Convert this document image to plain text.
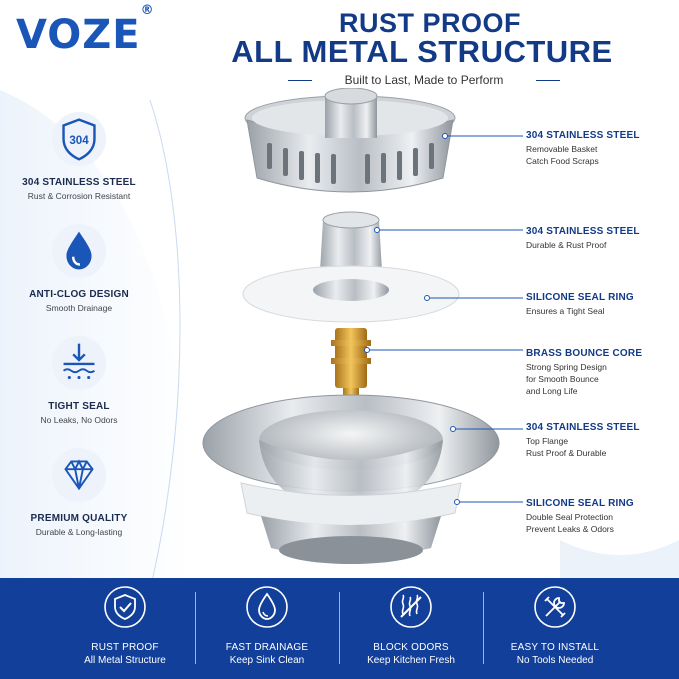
VOZE®	RUST PROOF
ALL METAL STRUCTURE
Built to Last, Made to Perform
304
304 STAINLESS STEEL
Rust & Corrosion Resistant
ANTI-CLOG DESIGN
Smooth Drainage
TIGHT SEAL
No Leaks, No Odors
PREMIUM QUALITY
Durable & Long-lasting
304 STAINLESS STEEL
Removable Basket
Catch Food Scraps
304 STAINLESS STEEL
Durable & Rust Proof
SILICONE SEAL RING
Ensures a Tight Seal
BRASS BOUNCE CORE
Strong Spring Design
for Smooth Bounce
and Long Life
304 STAINLESS STEEL
Top Flange
Rust Proof & Durable
SILICONE SEAL RING
Double Seal Protection
Prevent Leaks & Odors
RUST PROOF
All Metal Structure
FAST DRAINAGE
Keep Sink Clean
BLOCK ODORS
Keep Kitchen Fresh
EASY TO INSTALL
No Tools Needed
